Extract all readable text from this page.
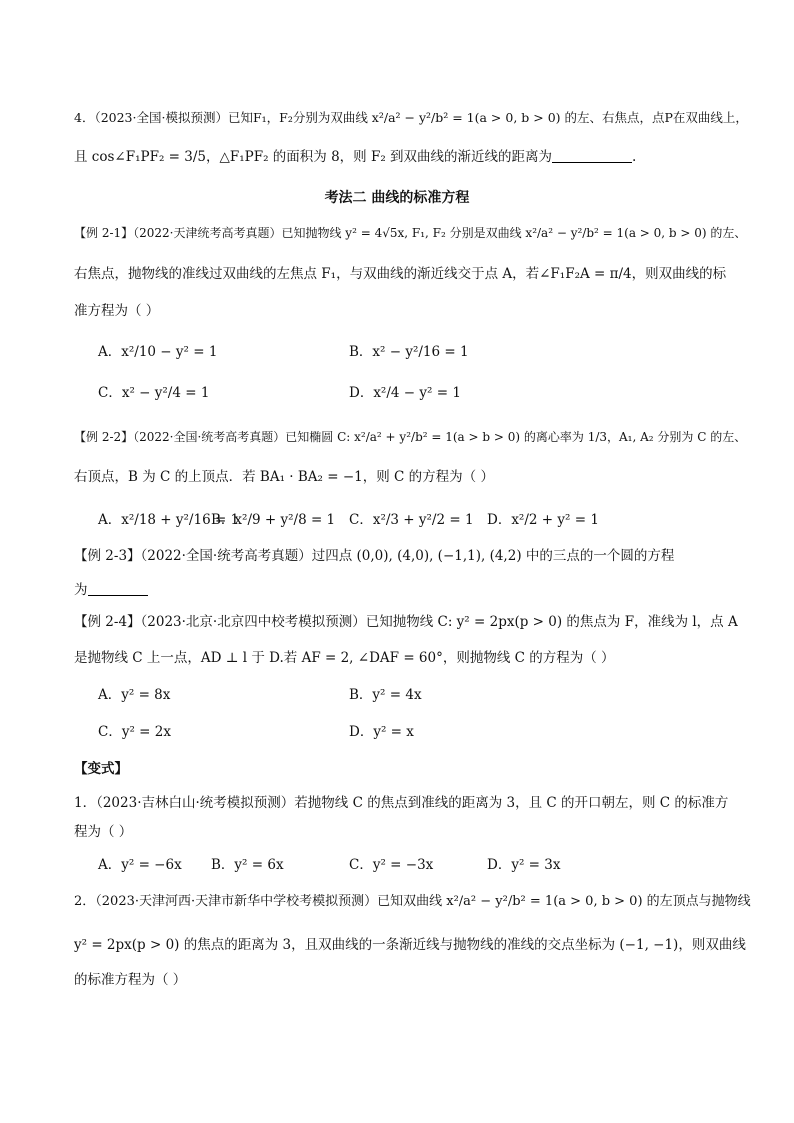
4．（2023·全国·模拟预测）已知F₁，F₂分别为双曲线 x²/a² − y²/b² = 1(a > 0, b > 0) 的左、右焦点，点P在双曲线上，
且 cos∠F₁PF₂ = 3/5，△F₁PF₂ 的面积为 8，则 F₂ 到双曲线的渐近线的距离为	.
考法二 曲线的标准方程
【例 2-1】（2022·天津统考高考真题）已知抛物线 y² = 4√5x, F₁, F₂ 分别是双曲线 x²/a² − y²/b² = 1(a > 0, b > 0) 的左、
右焦点，抛物线的准线过双曲线的左焦点 F₁，与双曲线的渐近线交于点 A，若∠F₁F₂A = π/4，则双曲线的标
准方程为（ ）
A．x²/10 − y² = 1	B．x² − y²/16 = 1
C．x² − y²/4 = 1	D．x²/4 − y² = 1
【例 2-2】（2022·全国·统考高考真题）已知椭圆 C: x²/a² + y²/b² = 1(a > b > 0) 的离心率为 1/3，A₁, A₂ 分别为 C 的左、
右顶点，B 为 C 的上顶点．若 BA₁ · BA₂ = −1，则 C 的方程为（ ）
A．x²/18 + y²/16 = 1
B．x²/9 + y²/8 = 1 C．x²/3 + y²/2 = 1 D．x²/2 + y² = 1
【例 2-3】（2022·全国·统考高考真题）过四点 (0,0), (4,0), (−1,1), (4,2) 中的三点的一个圆的方程
为
【例 2-4】（2023·北京·北京四中校考模拟预测）已知抛物线 C: y² = 2px(p > 0) 的焦点为 F，准线为 l，点 A
是抛物线 C 上一点，AD ⊥ l 于 D.若 AF = 2, ∠DAF = 60°，则抛物线 C 的方程为（ ）
A．y² = 8x	B．y² = 4x
C．y² = 2x	D．y² = x
【变式】
1．（2023·吉林白山·统考模拟预测）若抛物线 C 的焦点到准线的距离为 3，且 C 的开口朝左，则 C 的标准方
程为（ ）
A．y² = −6x B．y² = 6x	C．y² = −3x	D．y² = 3x
2．（2023·天津河西·天津市新华中学校考模拟预测）已知双曲线 x²/a² − y²/b² = 1(a > 0, b > 0) 的左顶点与抛物线
y² = 2px(p > 0) 的焦点的距离为 3，且双曲线的一条渐近线与抛物线的准线的交点坐标为 (−1, −1)，则双曲线
的标准方程为（ ）
